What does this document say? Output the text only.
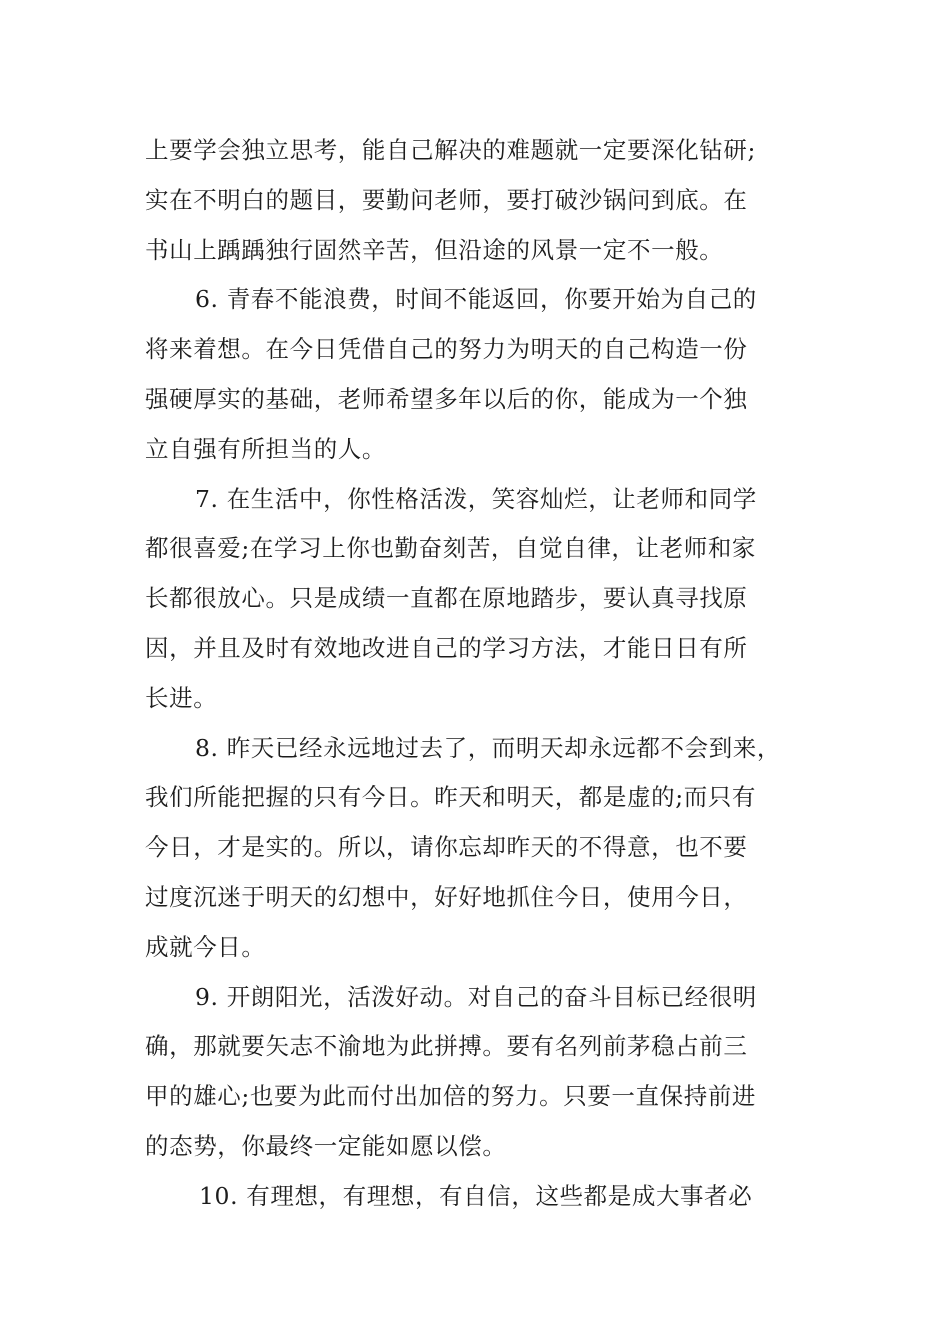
上要学会独立思考，能自己解决的难题就一定要深化钻研;
实在不明白的题目，要勤问老师，要打破沙锅问到底。在
书山上踽踽独行固然辛苦，但沿途的风景一定不一般。
6. 青春不能浪费，时间不能返回，你要开始为自己的
将来着想。在今日凭借自己的努力为明天的自己构造一份
强硬厚实的基础，老师希望多年以后的你，能成为一个独
立自强有所担当的人。
7. 在生活中，你性格活泼，笑容灿烂，让老师和同学
都很喜爱;在学习上你也勤奋刻苦，自觉自律，让老师和家
长都很放心。只是成绩一直都在原地踏步，要认真寻找原
因，并且及时有效地改进自己的学习方法，才能日日有所
长进。
8. 昨天已经永远地过去了，而明天却永远都不会到来，
我们所能把握的只有今日。昨天和明天，都是虚的;而只有
今日，才是实的。所以，请你忘却昨天的不得意，也不要
过度沉迷于明天的幻想中，好好地抓住今日，使用今日，
成就今日。
9. 开朗阳光，活泼好动。对自己的奋斗目标已经很明
确，那就要矢志不渝地为此拼搏。要有名列前茅稳占前三
甲的雄心;也要为此而付出加倍的努力。只要一直保持前进
的态势，你最终一定能如愿以偿。
10. 有理想，有理想，有自信，这些都是成大事者必
